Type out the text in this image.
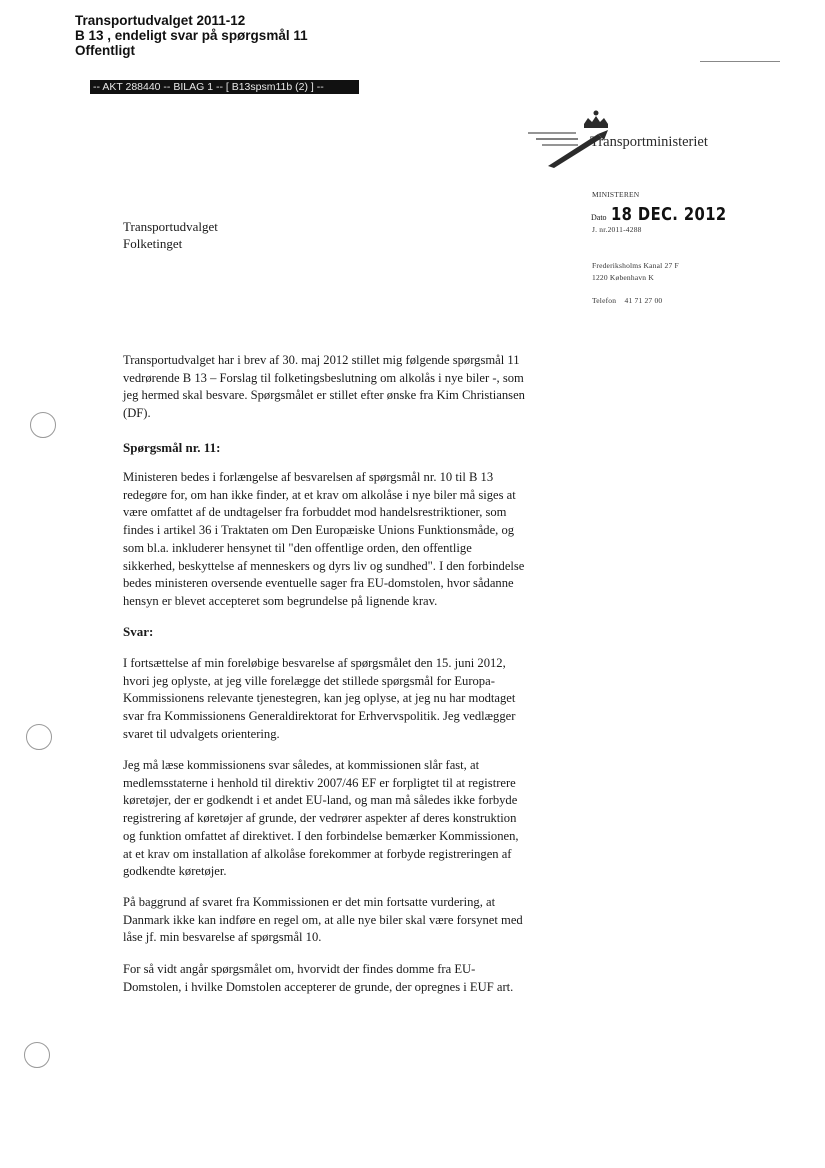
Transportudvalget 2011-12
B 13 , endeligt svar på spørgsmål 11
Offentligt
-- AKT 288440 -- BILAG 1 -- [ B13spsm11b (2) ] --
Transportministeriet
MINISTEREN
Dato 18 DEC. 2012
J. nr.2011-4288
Frederiksholms Kanal 27 F
1220 København K
Telefon 41 71 27 00
Transportudvalget
Folketinget
Transportudvalget har i brev af 30. maj 2012 stillet mig følgende spørgsmål 11
vedrørende B 13 – Forslag til folketingsbeslutning om alkolås i nye biler -, som
jeg hermed skal besvare. Spørgsmålet er stillet efter ønske fra Kim Christiansen
(DF).
Spørgsmål nr. 11:
Ministeren bedes i forlængelse af besvarelsen af spørgsmål nr. 10 til B 13
redegøre for, om han ikke finder, at et krav om alkolåse i nye biler må siges at
være omfattet af de undtagelser fra forbuddet mod handelsrestriktioner, som
findes i artikel 36 i Traktaten om Den Europæiske Unions Funktionsmåde, og
som bl.a. inkluderer hensynet til "den offentlige orden, den offentlige
sikkerhed, beskyttelse af menneskers og dyrs liv og sundhed". I den forbindelse
bedes ministeren oversende eventuelle sager fra EU-domstolen, hvor sådanne
hensyn er blevet accepteret som begrundelse på lignende krav.
Svar:
I fortsættelse af min foreløbige besvarelse af spørgsmålet den 15. juni 2012,
hvori jeg oplyste, at jeg ville forelægge det stillede spørgsmål for Europa-
Kommissionens relevante tjenestegren, kan jeg oplyse, at jeg nu har modtaget
svar fra Kommissionens Generaldirektorat for Erhvervspolitik. Jeg vedlægger
svaret til udvalgets orientering.
Jeg må læse kommissionens svar således, at kommissionen slår fast, at
medlemsstaterne i henhold til direktiv 2007/46 EF er forpligtet til at registrere
køretøjer, der er godkendt i et andet EU-land, og man må således ikke forbyde
registrering af køretøjer af grunde, der vedrører aspekter af deres konstruktion
og funktion omfattet af direktivet. I den forbindelse bemærker Kommissionen,
at et krav om installation af alkolåse forekommer at forbyde registreringen af
godkendte køretøjer.
På baggrund af svaret fra Kommissionen er det min fortsatte vurdering, at
Danmark ikke kan indføre en regel om, at alle nye biler skal være forsynet med
låse jf. min besvarelse af spørgsmål 10.
For så vidt angår spørgsmålet om, hvorvidt der findes domme fra EU-
Domstolen, i hvilke Domstolen accepterer de grunde, der opregnes i EUF art.
